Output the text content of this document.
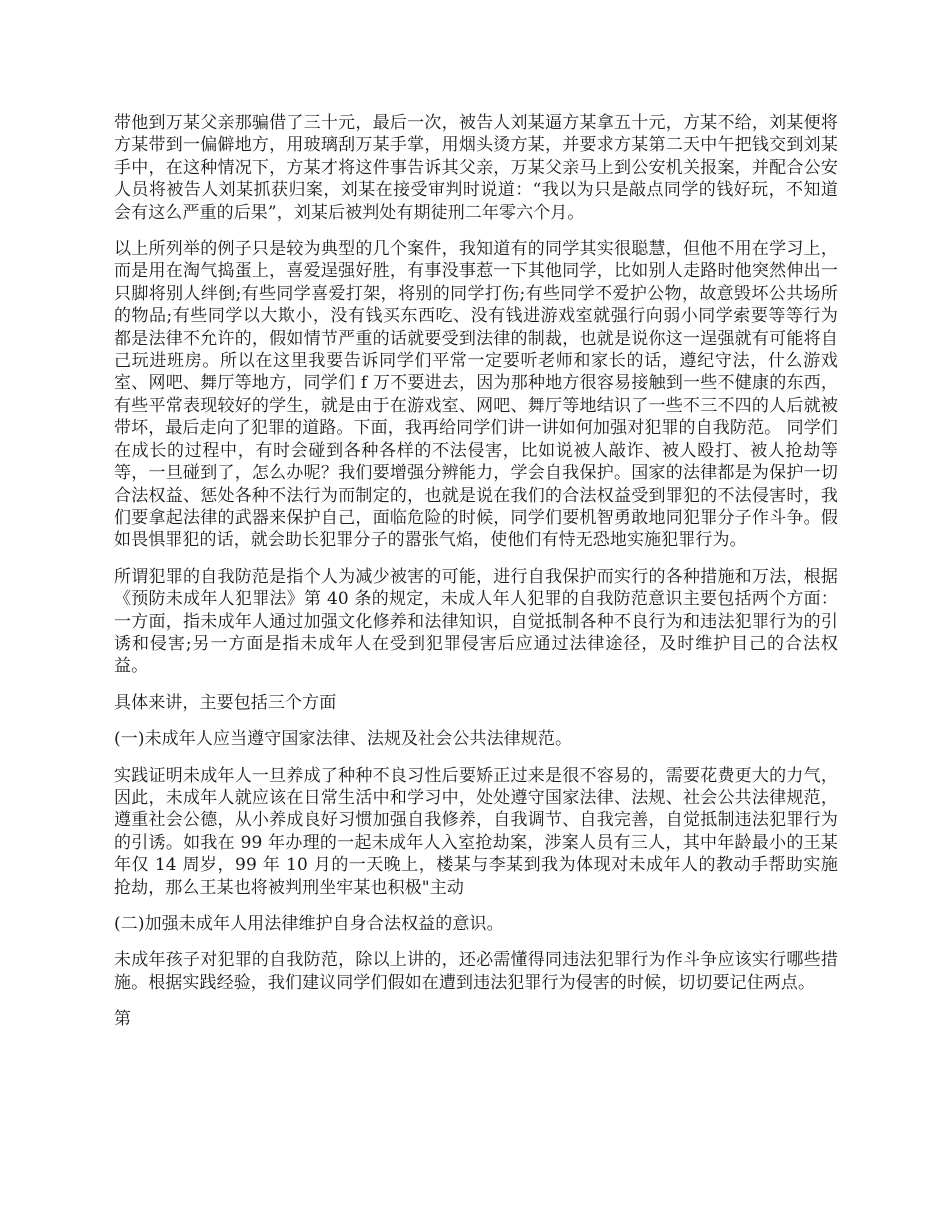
带他到万某父亲那骗借了三十元，最后一次，被告人刘某逼方某拿五十元，方某不给，刘某便将方某带到一偏僻地方，用玻璃刮万某手掌，用烟头烫方某，并要求方某第二天中午把钱交到刘某手中，在这种情况下，方某才将这件事告诉其父亲，万某父亲马上到公安机关报案，并配合公安人员将被告人刘某抓获归案，刘某在接受审判时说道：“我以为只是敲点同学的钱好玩，不知道会有这么严重的后果”，刘某后被判处有期徒刑二年零六个月。

以上所列举的例子只是较为典型的几个案件，我知道有的同学其实很聪慧，但他不用在学习上，而是用在淘气捣蛋上，喜爱逞强好胜，有事没事惹一下其他同学，比如别人走路时他突然伸出一只脚将别人绊倒;有些同学喜爱打架，将别的同学打伤;有些同学不爱护公物，故意毁坏公共场所的物品;有些同学以大欺小，没有钱买东西吃、没有钱进游戏室就强行向弱小同学索要等等行为都是法律不允许的，假如情节严重的话就要受到法律的制裁，也就是说你这一逞强就有可能将自己玩进班房。所以在这里我要告诉同学们平常一定要听老师和家长的话，遵纪守法，什么游戏室、网吧、舞厅等地方，同学们 f 万不要进去，因为那种地方很容易接触到一些不健康的东西，有些平常表现较好的学生，就是由于在游戏室、网吧、舞厅等地结识了一些不三不四的人后就被带坏，最后走向了犯罪的道路。下面，我再给同学们讲一讲如何加强对犯罪的自我防范。 同学们在成长的过程中，有时会碰到各种各样的不法侵害，比如说被人敲诈、被人殴打、被人抢劫等等，一旦碰到了，怎么办呢？我们要增强分辨能力，学会自我保护。国家的法律都是为保护一切合法权益、惩处各种不法行为而制定的，也就是说在我们的合法权益受到罪犯的不法侵害时，我们要拿起法律的武器来保护自己，面临危险的时候，同学们要机智勇敢地同犯罪分子作斗争。假如畏惧罪犯的话，就会助长犯罪分子的嚣张气焰，使他们有恃无恐地实施犯罪行为。

所谓犯罪的自我防范是指个人为减少被害的可能，进行自我保护而实行的各种措施和万法，根据《预防未成年人犯罪法》第 40 条的规定，未成人年人犯罪的自我防范意识主要包括两个方面：一方面，指未成年人通过加强文化修养和法律知识，自觉抵制各种不良行为和违法犯罪行为的引诱和侵害;另一方面是指未成年人在受到犯罪侵害后应通过法律途径，及时维护目己的合法权益。

具体来讲，主要包括三个方面

(一)未成年人应当遵守国家法律、法规及社会公共法律规范。

实践证明未成年人一旦养成了种种不良习性后要矫正过来是很不容易的，需要花费更大的力气，因此，未成年人就应该在日常生活中和学习中，处处遵守国家法律、法规、社会公共法律规范，遵重社会公德，从小养成良好习惯加强自我修养，自我调节、自我完善，自觉抵制违法犯罪行为的引诱。如我在 99 年办理的一起未成年人入室抢劫案，涉案人员有三人，其中年龄最小的王某年仅 14 周岁，99 年 10 月的一天晚上，楼某与李某到我为体现对未成年人的教动手帮助实施抢劫，那么王某也将被判刑坐牢某也积极"主动

(二)加强未成年人用法律维护自身合法权益的意识。

未成年孩子对犯罪的自我防范，除以上讲的，还必需懂得同违法犯罪行为作斗争应该实行哪些措施。根据实践经验，我们建议同学们假如在遭到违法犯罪行为侵害的时候，切切要记住两点。

第
